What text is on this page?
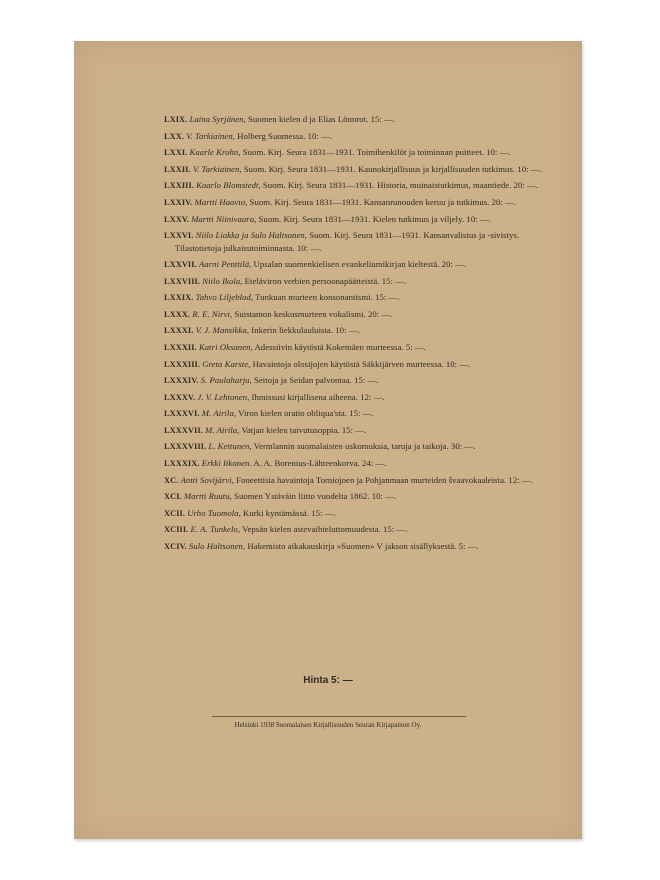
LXIX. Laina Syrjänen, Suomen kielen d ja Elias Lönnrot. 15: —.
LXX. V. Tarkiainen, Holberg Suomessa. 10: —.
LXXI. Kaarle Krohn, Suom. Kirj. Seura 1831—1931. Toimihenkilöt ja toiminnan puitteet. 10: —.
LXXII. V. Tarkiainen, Suom. Kirj. Seura 1831—1931. Kaunokirjallisuus ja kirjallisuuden tutkimus. 10: —.
LXXIII. Kaarlo Blomstedt, Suom. Kirj. Seura 1831—1931. Historia, muinaistutkimus, maantiede. 20: —.
LXXIV. Martti Haavio, Suom. Kirj. Seura 1831—1931. Kansanrunouden keruu ja tutkimus. 20: —.
LXXV. Martti Niinivaara, Suom. Kirj. Seura 1831—1931. Kielen tutkimus ja viljely. 10: —.
LXXVI. Niilo Liakka ja Sulo Haltsonen, Suom. Kirj. Seura 1831—1931. Kansanvalistus ja -sivistys. Tilastotietoja julkaisutoiminnasta. 10: —.
LXXVII. Aarni Penttilä, Upsalan suomenkielisen evankeliumikirjan kieltestä. 20: —.
LXXVIII. Niilo Ikola, Eteläviron verbien persoonapäätteistä. 15: —.
LXXIX. Tahvo Liljeblad, Tunkuan murteen konsonantismi. 15: —.
LXXX. R. E. Nirvi, Suistamon keskusmurteen vokalismi. 20: —.
LXXXI. V. J. Mansikka, Inkerin liekkulauluista. 10: —.
LXXXII. Katri Oksanen, Adessiivin käytöstä Kokemäen murteessa. 5: —.
LXXXIII. Greta Karste, Havaintoja olosijojen käytöstä Säkkijärven murteessa. 10: —.
LXXXIV. S. Paulaharju, Seitoja ja Seidan palvontaa. 15: —.
LXXXV. J. V. Lehtonen, Ihmissusi kirjallisena aiheena. 12: —.
LXXXVI. M. Airila, Viron kielen oratio obliqua'sta. 15: —.
LXXXVII. M. Airila, Vatjan kielen taivutusoppia. 15: —.
LXXXVIII. L. Kettunen, Vermlannin suomalaisten uskomuksia, taruja ja taikoja. 30: —.
LXXXIX. Erkki Itkonen. A. A. Borenius-Lähteenkorva. 24: —.
XC. Antti Sovijärvi, Foneettisia havaintoja Torniojoen ja Pohjanmaan murteiden švaavokaaleista. 12: —.
XCI. Martti Ruutu, Suomen Ystäväin liitto vuodelta 1862. 10: —.
XCII. Urho Tuomola, Kurki kyntämässä. 15: —.
XCIII. E. A. Tunkelo, Vepsän kielen astevaihteluttomuudesta. 15: —.
XCIV. Sulo Haltsonen, Hakemisto aikakauskirja »Suomen» V jakson sisällyksestä. 5: —.
Hinta 5: —
Helsinki 1938 Suomalaisen Kirjallisuuden Seuran Kirjapainon Oy.
